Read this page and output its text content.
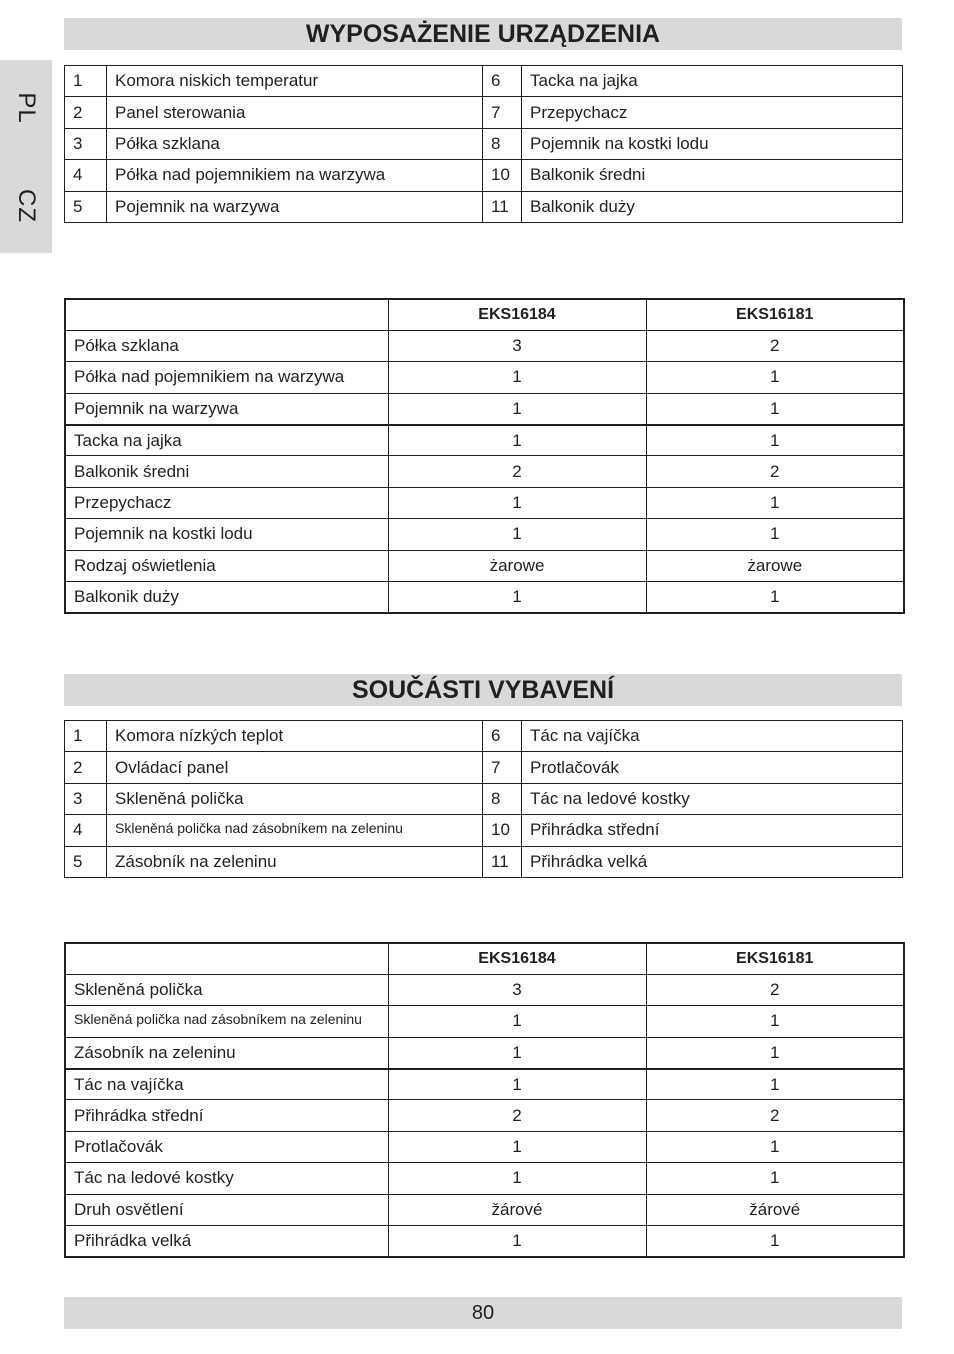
PL
CZ
WYPOSAŻENIE URZĄDZENIA
1	Komora niskich temperatur	6	Tacka na jajka
2	Panel sterowania	7	Przepychacz
3	Półka szklana	8	Pojemnik na kostki lodu
4	Półka nad pojemnikiem na warzywa	10	Balkonik średni
5	Pojemnik na warzywa	11	Balkonik duży
	EKS16184	EKS16181
Półka szklana	3	2
Półka nad pojemnikiem na warzywa	1	1
Pojemnik na warzywa	1	1
Tacka na jajka	1	1
Balkonik średni	2	2
Przepychacz	1	1
Pojemnik na kostki lodu	1	1
Rodzaj oświetlenia	żarowe	żarowe
Balkonik duży	1	1
SOUČÁSTI VYBAVENÍ
1	Komora nízkých teplot	6	Tác na vajíčka
2	Ovládací panel	7	Protlačovák
3	Skleněná polička	8	Tác na ledové kostky
4	Skleněná polička nad zásobníkem na zeleninu	10	Přihrádka střední
5	Zásobník na zeleninu	11	Přihrádka velká
	EKS16184	EKS16181
Skleněná polička	3	2
Skleněná polička nad zásobníkem na zeleninu	1	1
Zásobník na zeleninu	1	1
Tác na vajíčka	1	1
Přihrádka střední	2	2
Protlačovák	1	1
Tác na ledové kostky	1	1
Druh osvětlení	žárové	žárové
Přihrádka velká	1	1
80
